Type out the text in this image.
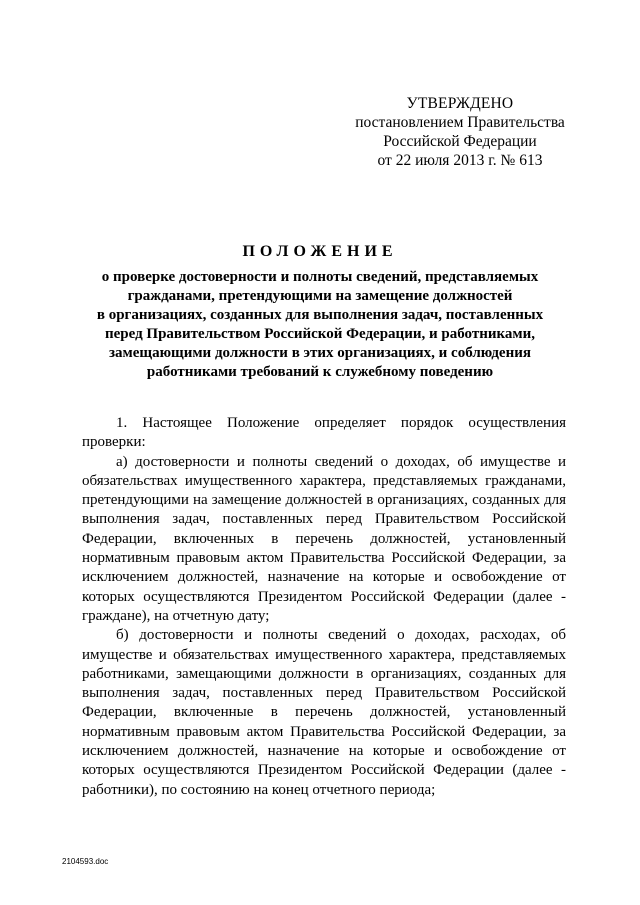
УТВЕРЖДЕНО
постановлением Правительства
Российской Федерации
от 22 июля 2013 г. № 613
ПОЛОЖЕНИЕ
о проверке достоверности и полноты сведений, представляемых
гражданами, претендующими на замещение должностей
в организациях, созданных для выполнения задач, поставленных
перед Правительством Российской Федерации, и работниками,
замещающими должности в этих организациях, и соблюдения
работниками требований к служебному поведению

1. Настоящее Положение определяет порядок осуществления проверки:

а) достоверности и полноты сведений о доходах, об имуществе и обязательствах имущественного характера, представляемых гражданами, претендующими на замещение должностей в организациях, созданных для выполнения задач, поставленных перед Правительством Российской Федерации, включенных в перечень должностей, установленный нормативным правовым актом Правительства Российской Федерации, за исключением должностей, назначение на которые и освобождение от которых осуществляются Президентом Российской Федерации (далее - граждане), на отчетную дату;

б) достоверности и полноты сведений о доходах, расходах, об имуществе и обязательствах имущественного характера, представляемых работниками, замещающими должности в организациях, созданных для выполнения задач, поставленных перед Правительством Российской Федерации, включенные в перечень должностей, установленный нормативным правовым актом Правительства Российской Федерации, за исключением должностей, назначение на которые и освобождение от которых осуществляются Президентом Российской Федерации (далее - работники), по состоянию на конец отчетного периода;

2104593.doc
